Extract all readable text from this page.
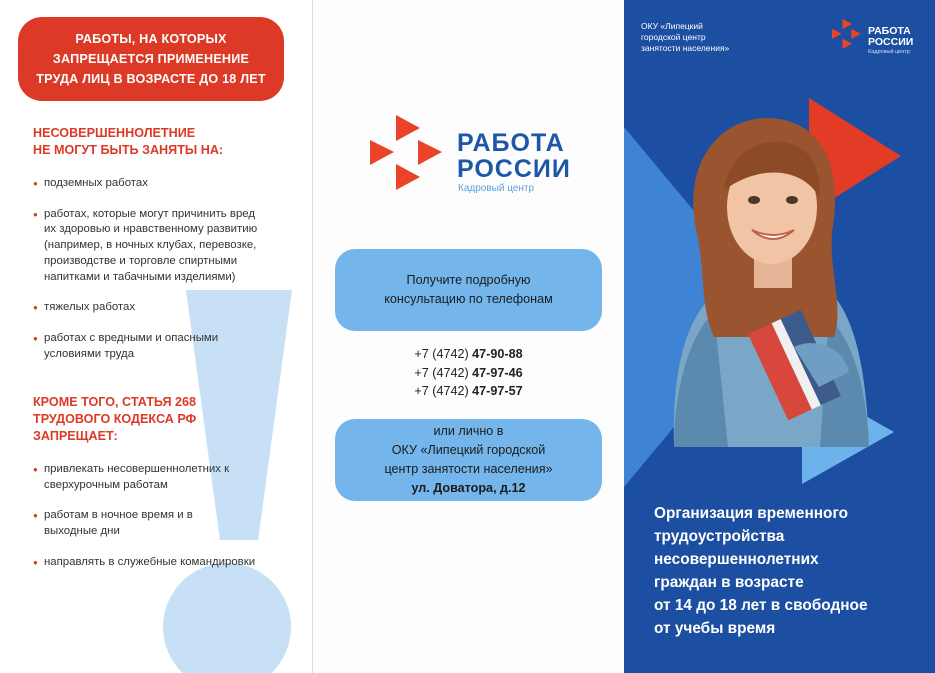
РАБОТЫ, НА КОТОРЫХ
ЗАПРЕЩАЕТСЯ ПРИМЕНЕНИЕ
ТРУДА ЛИЦ В ВОЗРАСТЕ ДО 18 ЛЕТ
НЕСОВЕРШЕННОЛЕТНИЕ
НЕ МОГУТ БЫТЬ ЗАНЯТЫ НА:
● подземных работах
● работах, которые могут причинить вред
их здоровью и нравственному развитию
(например, в ночных клубах, перевозке,
производстве и торговле спиртными
напитками и табачными изделиями)
● тяжелых работах
● работах с вредными и опасными
условиями труда
КРОМЕ ТОГО, СТАТЬЯ 268
ТРУДОВОГО КОДЕКСА РФ
ЗАПРЕЩАЕТ:
● привлекать несовершеннолетних к
сверхурочным работам
● работам в ночное время и в
выходные дни
● направлять в служебные командировки
РАБОТА
РОССИИ
Кадровый центр
Получите подробную
консультацию по телефонам
+7 (4742) 47-90-88
+7 (4742) 47-97-46
+7 (4742) 47-97-57
или лично в
ОКУ «Липецкий городской
центр занятости населения»
ул. Доватора, д.12
ОКУ «Липецкий
городской центр
занятости населения»
РАБОТА
РОССИИ
Кадровый центр
Организация временного
трудоустройства
несовершеннолетних
граждан в возрасте
от 14 до 18 лет в свободное
от учебы время
